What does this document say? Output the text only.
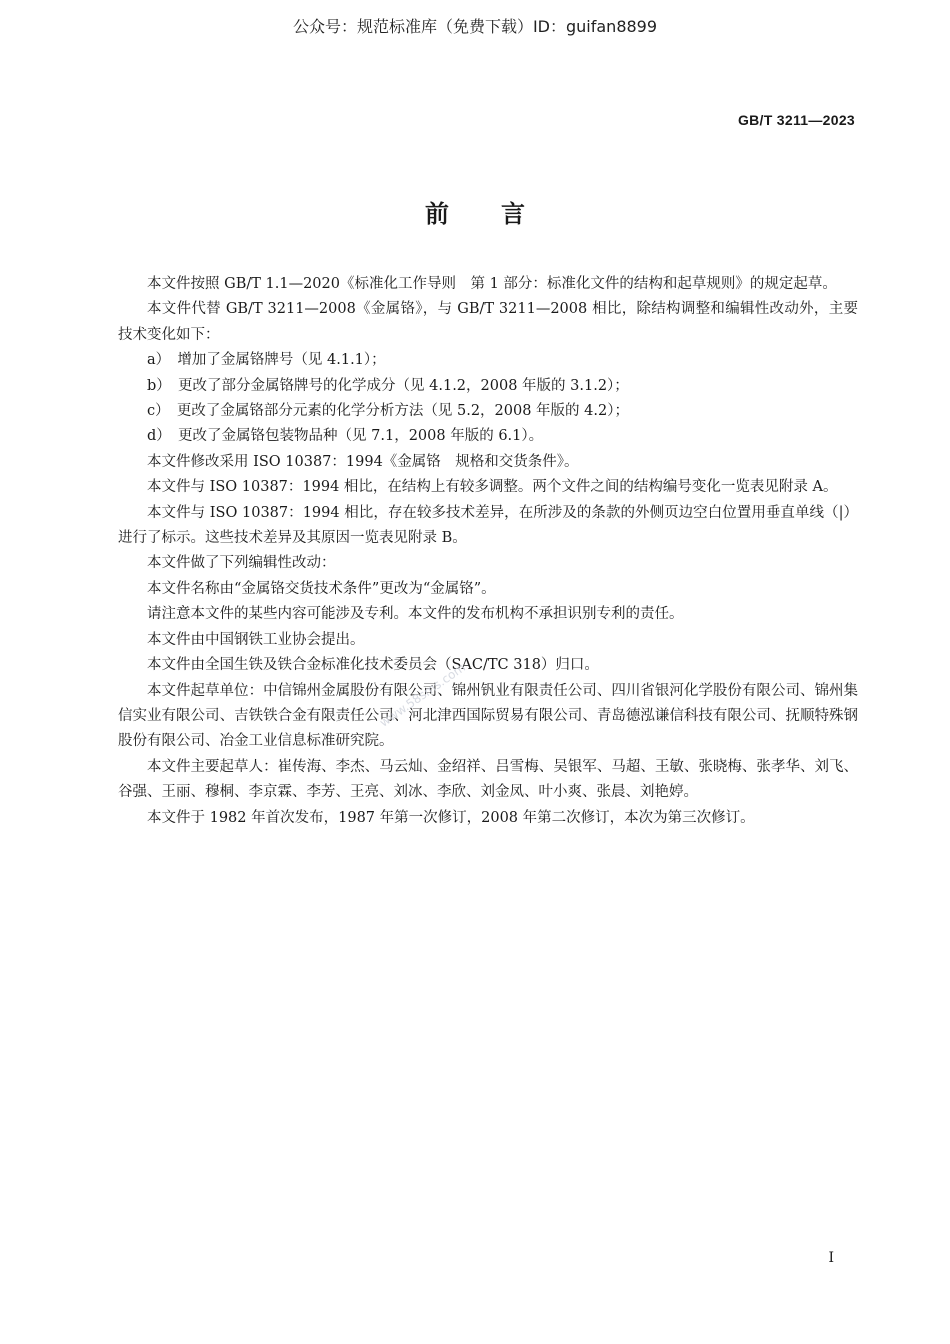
公众号：规范标准库（免费下载）ID：guifan8899
GB/T 3211—2023
前言

本文件按照 GB/T 1.1—2020《标准化工作导则　第 1 部分：标准化文件的结构和起草规则》的规定起草。

本文件代替 GB/T 3211—2008《金属铬》，与 GB/T 3211—2008 相比，除结构调整和编辑性改动外，主要技术变化如下：

a）　增加了金属铬牌号（见 4.1.1）；

b）　更改了部分金属铬牌号的化学成分（见 4.1.2，2008 年版的 3.1.2）；

c）　更改了金属铬部分元素的化学分析方法（见 5.2，2008 年版的 4.2）；

d）　更改了金属铬包装物品种（见 7.1，2008 年版的 6.1）。

本文件修改采用 ISO 10387：1994《金属铬　规格和交货条件》。

本文件与 ISO 10387：1994 相比，在结构上有较多调整。两个文件之间的结构编号变化一览表见附录 A。

本文件与 ISO 10387：1994 相比，存在较多技术差异，在所涉及的条款的外侧页边空白位置用垂直单线（|）进行了标示。这些技术差异及其原因一览表见附录 B。

本文件做了下列编辑性改动：

本文件名称由“金属铬交货技术条件”更改为“金属铬”。

请注意本文件的某些内容可能涉及专利。本文件的发布机构不承担识别专利的责任。

本文件由中国钢铁工业协会提出。

本文件由全国生铁及铁合金标准化技术委员会（SAC/TC 318）归口。

本文件起草单位：中信锦州金属股份有限公司、锦州钒业有限责任公司、四川省银河化学股份有限公司、锦州集信实业有限公司、吉铁铁合金有限责任公司、河北津西国际贸易有限公司、青岛德泓谦信科技有限公司、抚顺特殊钢股份有限公司、冶金工业信息标准研究院。

本文件主要起草人：崔传海、李杰、马云灿、金绍祥、吕雪梅、吴银军、马超、王敏、张晓梅、张孝华、刘飞、谷强、王丽、穆桐、李京霖、李芳、王亮、刘冰、李欣、刘金凤、叶小爽、张晨、刘艳婷。

本文件于 1982 年首次发布，1987 年第一次修订，2008 年第二次修订，本次为第三次修订。

www.58sms.com
I
